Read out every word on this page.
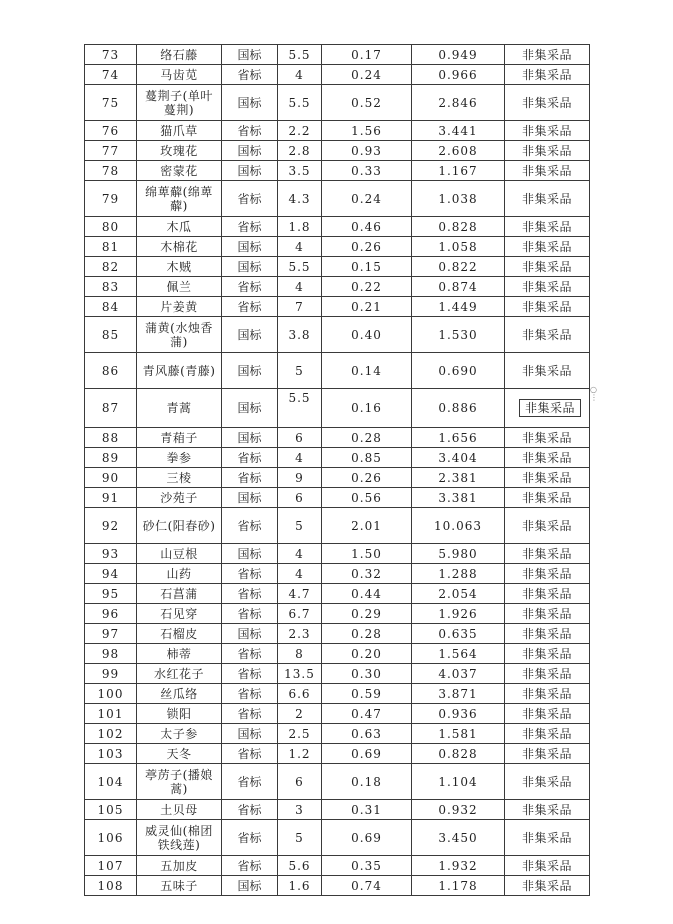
73	络石藤	国标	5.5	0.17	0.949	非集采品
74	马齿苋	省标	4	0.24	0.966	非集采品
75	蔓荆子(单叶蔓荆)	国标	5.5	0.52	2.846	非集采品
76	猫爪草	省标	2.2	1.56	3.441	非集采品
77	玫瑰花	国标	2.8	0.93	2.608	非集采品
78	密蒙花	国标	3.5	0.33	1.167	非集采品
79	绵萆薢(绵萆薢)	省标	4.3	0.24	1.038	非集采品
80	木瓜	省标	1.8	0.46	0.828	非集采品
81	木棉花	国标	4	0.26	1.058	非集采品
82	木贼	国标	5.5	0.15	0.822	非集采品
83	佩兰	省标	4	0.22	0.874	非集采品
84	片姜黄	省标	7	0.21	1.449	非集采品
85	蒲黄(水烛香蒲)	国标	3.8	0.40	1.530	非集采品
86	青风藤(青藤)	国标	5	0.14	0.690	非集采品
87	青蒿	国标	5.5	0.16	0.886	非集采品
88	青葙子	国标	6	0.28	1.656	非集采品
89	拳参	省标	4	0.85	3.404	非集采品
90	三棱	省标	9	0.26	2.381	非集采品
91	沙苑子	国标	6	0.56	3.381	非集采品
92	砂仁(阳春砂)	省标	5	2.01	10.063	非集采品
93	山豆根	国标	4	1.50	5.980	非集采品
94	山药	省标	4	0.32	1.288	非集采品
95	石菖蒲	省标	4.7	0.44	2.054	非集采品
96	石见穿	省标	6.7	0.29	1.926	非集采品
97	石榴皮	国标	2.3	0.28	0.635	非集采品
98	柿蒂	省标	8	0.20	1.564	非集采品
99	水红花子	省标	13.5	0.30	4.037	非集采品
100	丝瓜络	省标	6.6	0.59	3.871	非集采品
101	锁阳	省标	2	0.47	0.936	非集采品
102	太子参	国标	2.5	0.63	1.581	非集采品
103	天冬	省标	1.2	0.69	0.828	非集采品
104	葶苈子(播娘蒿)	省标	6	0.18	1.104	非集采品
105	土贝母	省标	3	0.31	0.932	非集采品
106	威灵仙(棉团铁线莲)	省标	5	0.69	3.450	非集采品
107	五加皮	省标	5.6	0.35	1.932	非集采品
108	五味子	国标	1.6	0.74	1.178	非集采品
○
⋮
